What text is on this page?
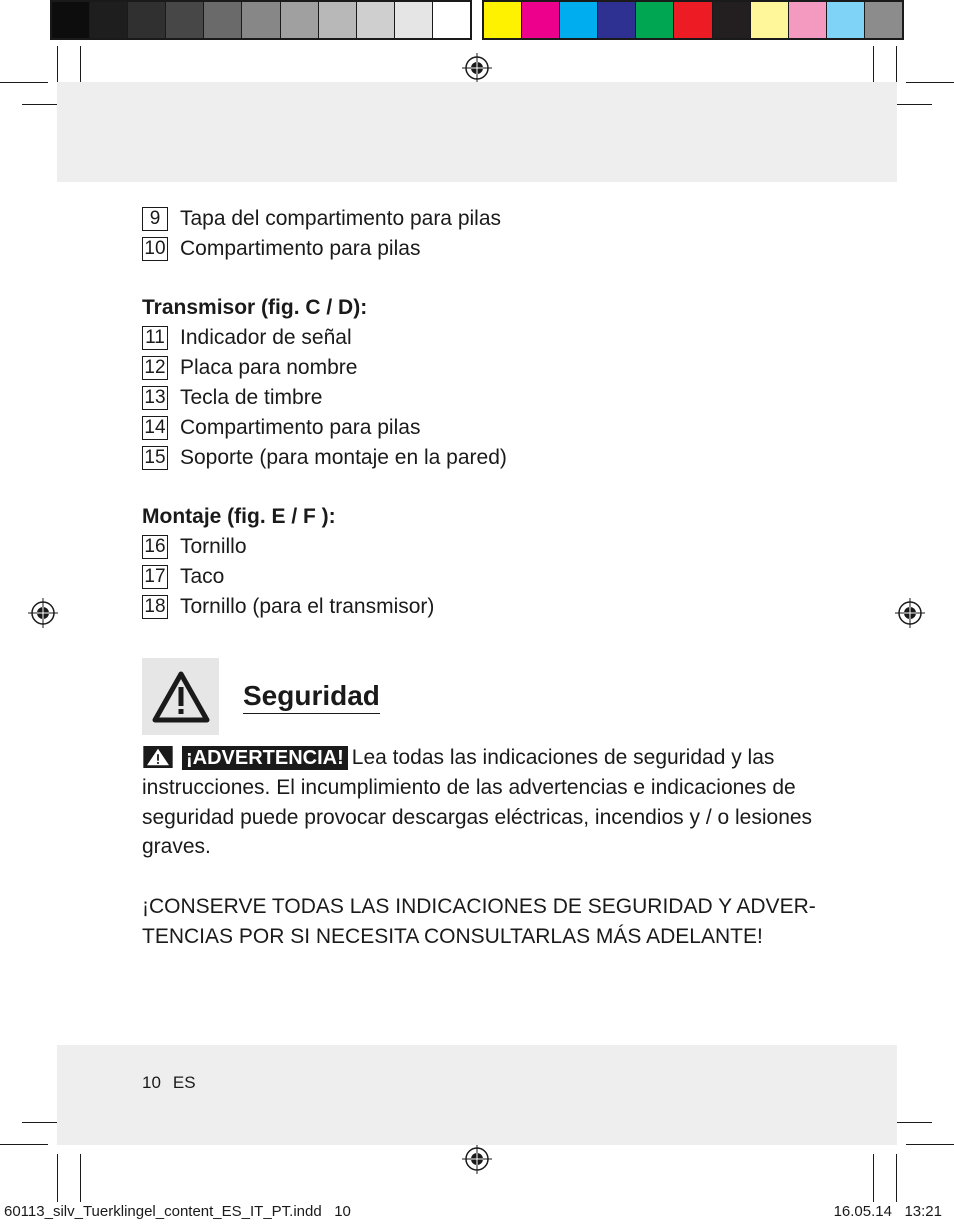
9 Tapa del compartimento para pilas
10 Compartimento para pilas
Transmisor (fig. C / D):
11 Indicador de señal
12 Placa para nombre
13 Tecla de timbre
14 Compartimento para pilas
15 Soporte (para montaje en la pared)
Montaje (fig. E / F ):
16 Tornillo
17 Taco
18 Tornillo (para el transmisor)
Seguridad
¡ADVERTENCIA! Lea todas las indicaciones de seguridad y las instrucciones. El incumplimiento de las advertencias e indicaciones de seguridad puede provocar descargas eléctricas, incendios y / o lesiones graves.
¡CONSERVE TODAS LAS INDICACIONES DE SEGURIDAD Y ADVER-
TENCIAS POR SI NECESITA CONSULTARLAS MÁS ADELANTE!
10 ES
60113_silv_Tuerklingel_content_ES_IT_PT.indd   10	16.05.14   13:21
